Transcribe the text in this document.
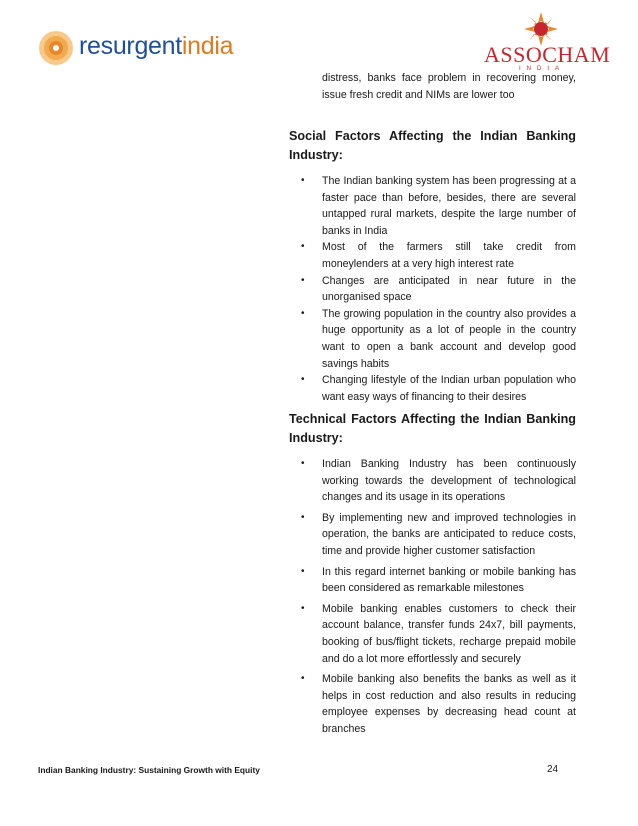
resurgentindia	ASSOCHAM
INDIA
distress, banks face problem in recovering money,
issue fresh credit and NIMs are lower too
Social Factors Affecting the Indian Banking Industry:
• The Indian banking system has been progressing at a faster pace than before, besides, there are several untapped rural markets, despite the large number of banks in India
• Most of the farmers still take credit from moneylenders at a very high interest rate
• Changes are anticipated in near future in the unorganised space
• The growing population in the country also provides a huge opportunity as a lot of people in the country want to open a bank account and develop good savings habits
• Changing lifestyle of the Indian urban population who want easy ways of financing to their desires
Technical Factors Affecting the Indian Banking Industry:
• Indian Banking Industry has been continuously working towards the development of technological changes and its usage in its operations
• By implementing new and improved technologies in operation, the banks are anticipated to reduce costs, time and provide higher customer satisfaction
• In this regard internet banking or mobile banking has been considered as remarkable milestones
• Mobile banking enables customers to check their account balance, transfer funds 24x7, bill payments, booking of bus/flight tickets, recharge prepaid mobile and do a lot more effortlessly and securely
• Mobile banking also benefits the banks as well as it helps in cost reduction and also results in reducing employee expenses by decreasing head count at branches
Indian Banking Industry: Sustaining Growth with Equity	24
